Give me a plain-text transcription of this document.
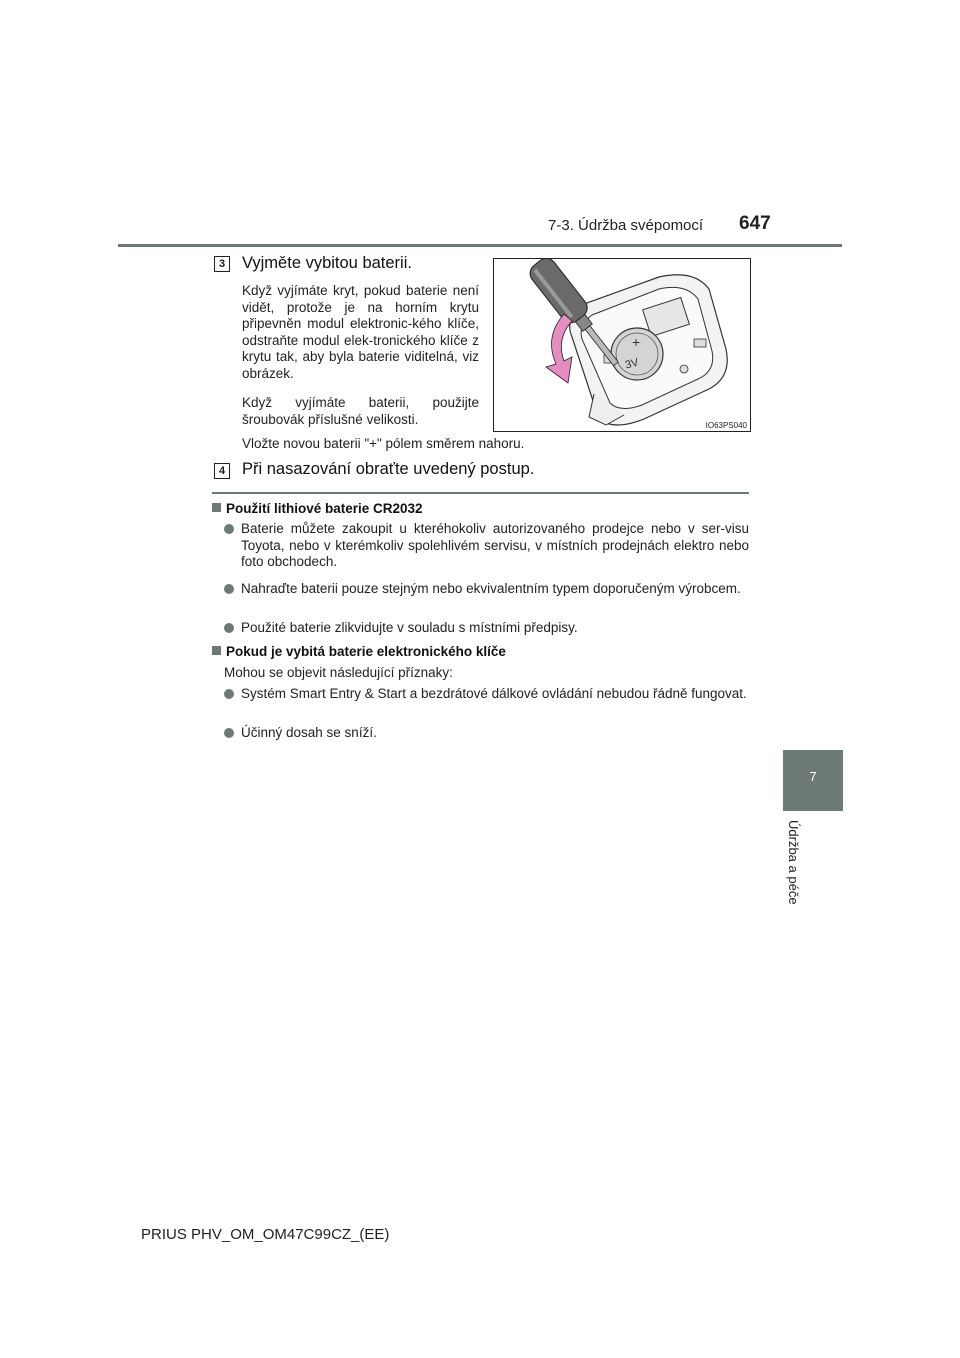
7-3. Údržba svépomocí 647
7
Údržba a péče
3 Vyjměte vybitou baterii.
Když vyjímáte kryt, pokud baterie není vidět, protože je na horním krytu připevněn modul elektronic-kého klíče, odstraňte modul elek-tronického klíče z krytu tak, aby byla baterie viditelná, viz obrázek.
Když vyjímáte baterii, použijte šroubovák příslušné velikosti.
Vložte novou baterii "+" pólem směrem nahoru.
+
3V
IO63PS040
4 Při nasazování obraťte uvedený postup.
Použití lithiové baterie CR2032
Baterie můžete zakoupit u kteréhokoliv autorizovaného prodejce nebo v ser-visu Toyota, nebo v kterémkoliv spolehlivém servisu, v místních prodejnách elektro nebo foto obchodech.
Nahraďte baterii pouze stejným nebo ekvivalentním typem doporučeným výrobcem.
Použité baterie zlikvidujte v souladu s místními předpisy.
Pokud je vybitá baterie elektronického klíče
Mohou se objevit následující příznaky:
Systém Smart Entry & Start a bezdrátové dálkové ovládání nebudou řádně fungovat.
Účinný dosah se sníží.
PRIUS PHV_OM_OM47C99CZ_(EE)
